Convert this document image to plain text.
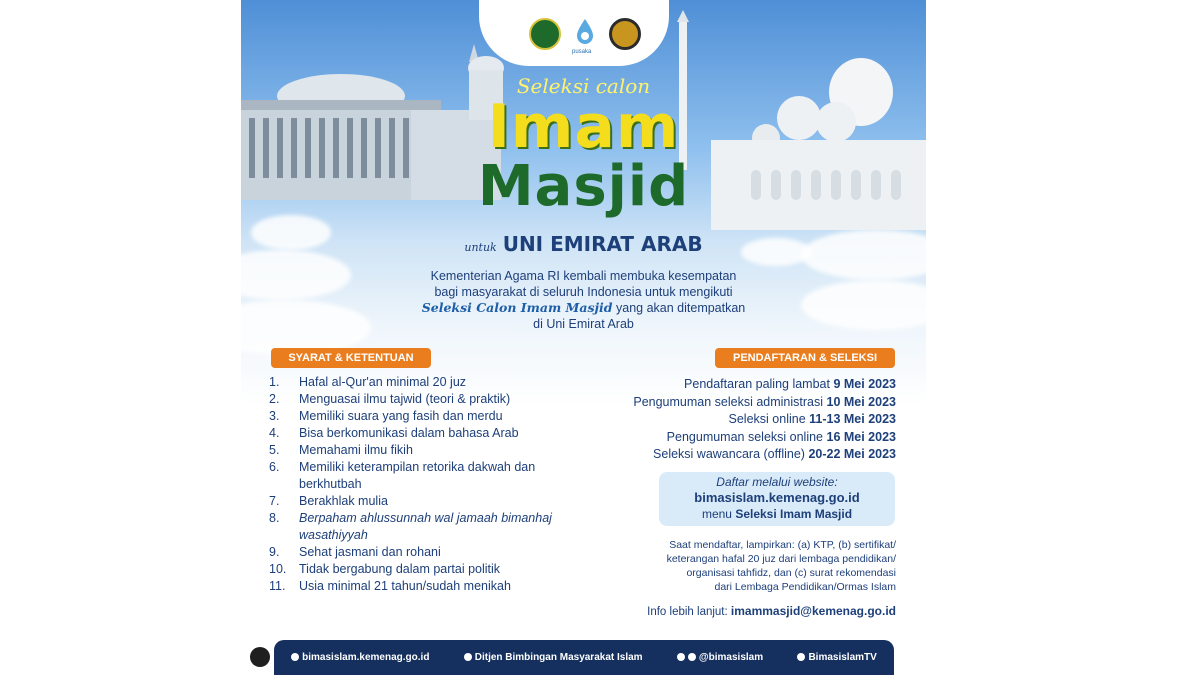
pusaka
Seleksi calon
Imam
Masjid
untuk UNI EMIRAT ARAB
Kementerian Agama RI kembali membuka kesempatan
bagi masyarakat di seluruh Indonesia untuk mengikuti
Seleksi Calon Imam Masjid yang akan ditempatkan
di Uni Emirat Arab
SYARAT & KETENTUAN
1.	Hafal al-Qur'an minimal 20 juz
2.	Menguasai ilmu tajwid (teori & praktik)
3.	Memiliki suara yang fasih dan merdu
4.	Bisa berkomunikasi dalam bahasa Arab
5.	Memahami ilmu fikih
6.	Memiliki keterampilan retorika dakwah dan berkhutbah
7.	Berakhlak mulia
8.	Berpaham ahlussunnah wal jamaah bimanhaj wasathiyyah
9.	Sehat jasmani dan rohani
10.	Tidak bergabung dalam partai politik
11.	Usia minimal 21 tahun/sudah menikah
PENDAFTARAN & SELEKSI
Pendaftaran paling lambat 9 Mei 2023
Pengumuman seleksi administrasi 10 Mei 2023
Seleksi online 11-13 Mei 2023
Pengumuman seleksi online 16 Mei 2023
Seleksi wawancara (offline) 20-22 Mei 2023
Daftar melalui website:
bimasislam.kemenag.go.id
menu Seleksi Imam Masjid
Saat mendaftar, lampirkan: (a) KTP, (b) sertifikat/
keterangan hafal 20 juz dari lembaga pendidikan/
organisasi tahfidz, dan (c) surat rekomendasi
dari Lembaga Pendidikan/Ormas Islam
Info lebih lanjut: imammasjid@kemenag.go.id
bimasislam.kemenag.go.id	Ditjen Bimbingan Masyarakat Islam	@bimasislam	BimasislamTV
